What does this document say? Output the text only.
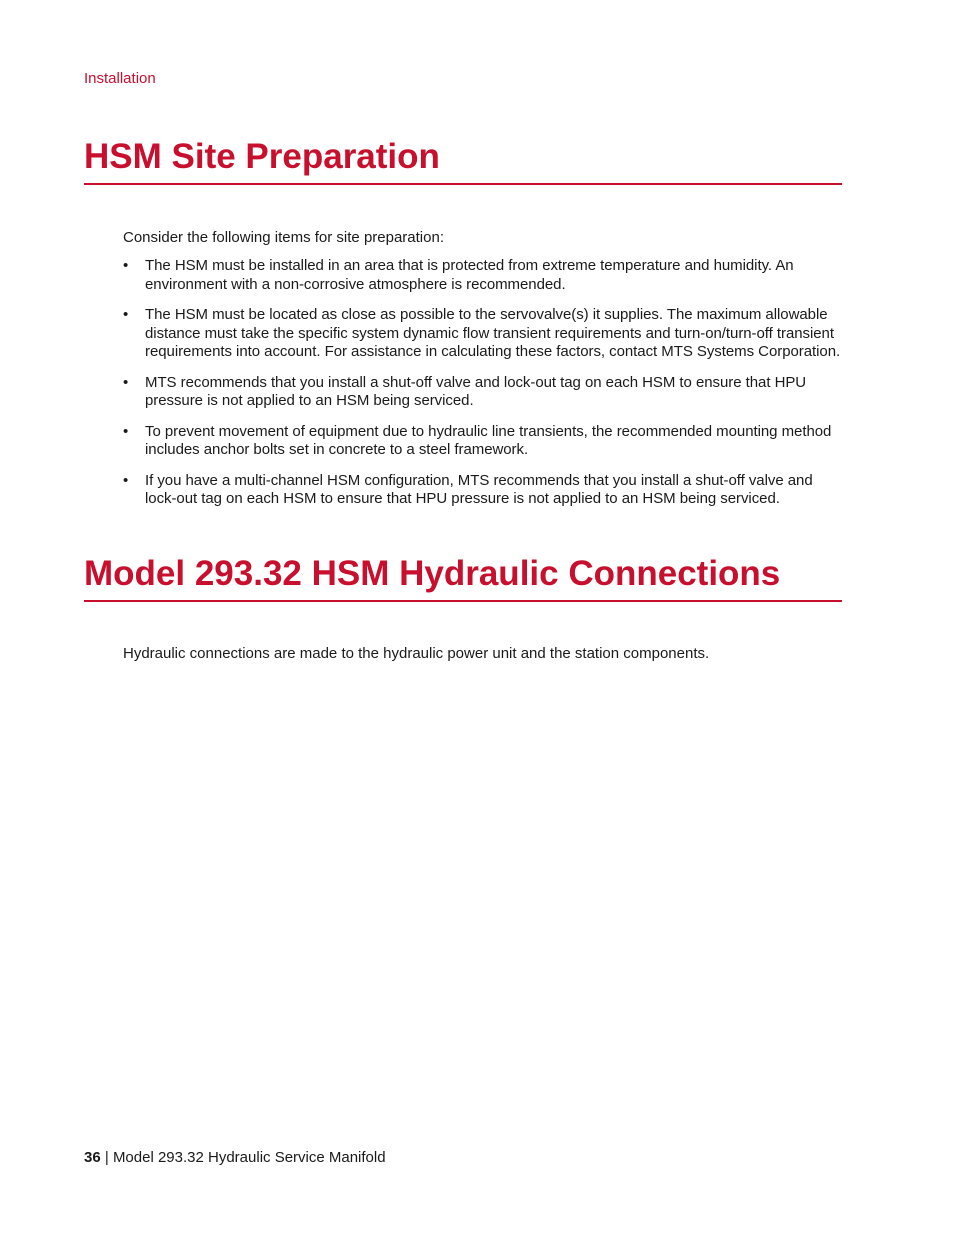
Installation
HSM Site Preparation

Consider the following items for site preparation:

• The HSM must be installed in an area that is protected from extreme temperature and humidity. An environment with a non-corrosive atmosphere is recommended.
• The HSM must be located as close as possible to the servovalve(s) it supplies. The maximum allowable distance must take the specific system dynamic flow transient requirements and turn-on/turn-off transient requirements into account. For assistance in calculating these factors, contact MTS Systems Corporation.
• MTS recommends that you install a shut-off valve and lock-out tag on each HSM to ensure that HPU pressure is not applied to an HSM being serviced.
• To prevent movement of equipment due to hydraulic line transients, the recommended mounting method includes anchor bolts set in concrete to a steel framework.
• If you have a multi-channel HSM configuration, MTS recommends that you install a shut-off valve and lock-out tag on each HSM to ensure that HPU pressure is not applied to an HSM being serviced.
Model 293.32 HSM Hydraulic Connections

Hydraulic connections are made to the hydraulic power unit and the station components.

36 | Model 293.32 Hydraulic Service Manifold
